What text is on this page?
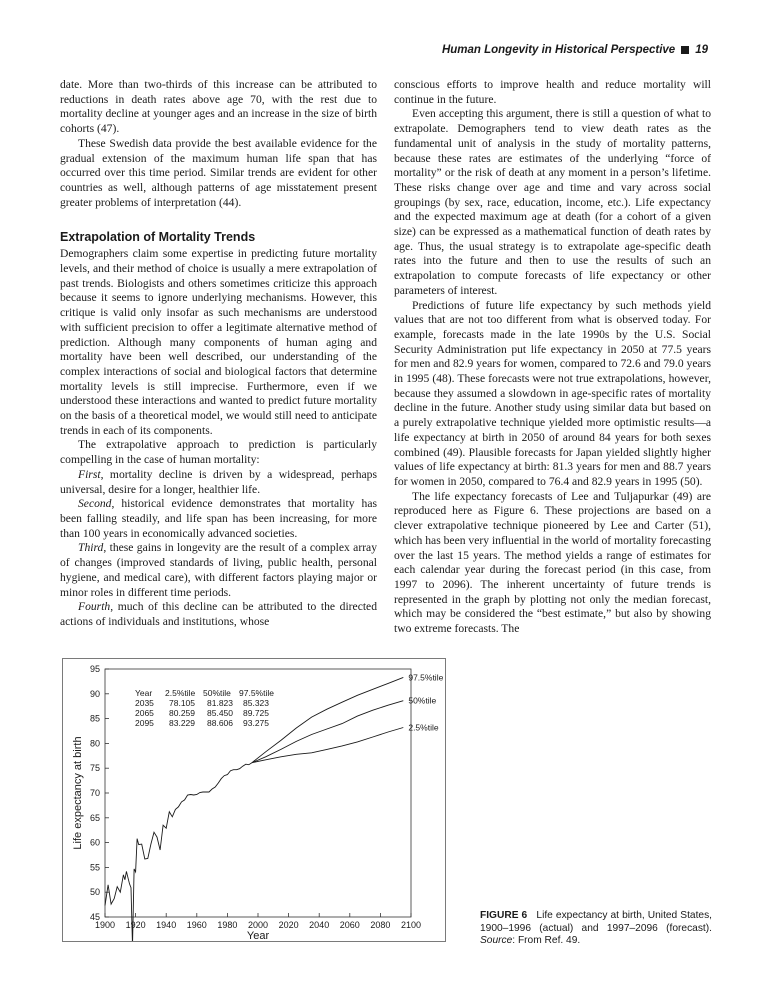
Human Longevity in Historical Perspective 19

date. More than two-thirds of this increase can be attributed to reductions in death rates above age 70, with the rest due to mortality decline at younger ages and an increase in the size of birth cohorts (47).

These Swedish data provide the best available evidence for the gradual extension of the maximum human life span that has occurred over this time period. Similar trends are evident for other countries as well, although patterns of age misstatement present greater problems of interpretation (44).

Extrapolation of Mortality Trends

Demographers claim some expertise in predicting future mortality levels, and their method of choice is usually a mere extrapolation of past trends. Biologists and others sometimes criticize this approach because it seems to ignore underlying mechanisms. However, this critique is valid only insofar as such mechanisms are understood with sufficient precision to offer a legitimate alternative method of prediction. Although many components of human aging and mortality have been well described, our understanding of the complex interactions of social and biological factors that determine mortality levels is still imprecise. Furthermore, even if we understood these interactions and wanted to predict future mortality on the basis of a theoretical model, we would still need to anticipate trends in each of its components.

The extrapolative approach to prediction is particularly compelling in the case of human mortality:

First, mortality decline is driven by a widespread, perhaps universal, desire for a longer, healthier life.

Second, historical evidence demonstrates that mortality has been falling steadily, and life span has been increasing, for more than 100 years in economically advanced societies.

Third, these gains in longevity are the result of a complex array of changes (improved standards of living, public health, personal hygiene, and medical care), with different factors playing major or minor roles in different time periods.

Fourth, much of this decline can be attributed to the directed actions of individuals and institutions, whose

conscious efforts to improve health and reduce mortality will continue in the future.

Even accepting this argument, there is still a question of what to extrapolate. Demographers tend to view death rates as the fundamental unit of analysis in the study of mortality patterns, because these rates are estimates of the underlying “force of mortality” or the risk of death at any moment in a person’s lifetime. These risks change over age and time and vary across social groupings (by sex, race, education, income, etc.). Life expectancy and the expected maximum age at death (for a cohort of a given size) can be expressed as a mathematical function of death rates by age. Thus, the usual strategy is to extrapolate age-specific death rates into the future and then to use the results of such an extrapolation to compute forecasts of life expectancy or other parameters of interest.

Predictions of future life expectancy by such methods yield values that are not too different from what is observed today. For example, forecasts made in the late 1990s by the U.S. Social Security Administration put life expectancy in 2050 at 77.5 years for men and 82.9 years for women, compared to 72.6 and 79.0 years in 1995 (48). These forecasts were not true extrapolations, however, because they assumed a slowdown in age-specific rates of mortality decline in the future. Another study using similar data but based on a purely extrapolative technique yielded more optimistic results—a life expectancy at birth in 2050 of around 84 years for both sexes combined (49). Plausible forecasts for Japan yielded slightly higher values of life expectancy at birth: 81.3 years for men and 88.7 years for women in 2050, compared to 76.4 and 82.9 years in 1995 (50).

The life expectancy forecasts of Lee and Tuljapurkar (49) are reproduced here as Figure 6. These projections are based on a clever extrapolative technique pioneered by Lee and Carter (51), which has been very influential in the world of mortality forecasting over the last 15 years. The method yields a range of estimates for each calendar year during the forecast period (in this case, from 1997 to 2096). The inherent uncertainty of future trends is represented in the graph by plotting not only the median forecast, which may be considered the “best estimate,” but also by showing two extreme forecasts. The

45
50
55
60
65
70
75
80
85
90
95
1900 1920 1940 1960 1980 2000 2020 2040 2060 2080 2100
Year
Life expectancy at birth
2.5%tile
50%tile
97.5%tile
Year 2.5%tile 50%tile 97.5%tile
2035 78.105 81.823 85.323
2065 80.259 85.450 89.725
2095 83.229 88.606 93.275
FIGURE 6 Life expectancy at birth, United States, 1900–1996 (actual) and 1997–2096 (forecast). Source: From Ref. 49.
